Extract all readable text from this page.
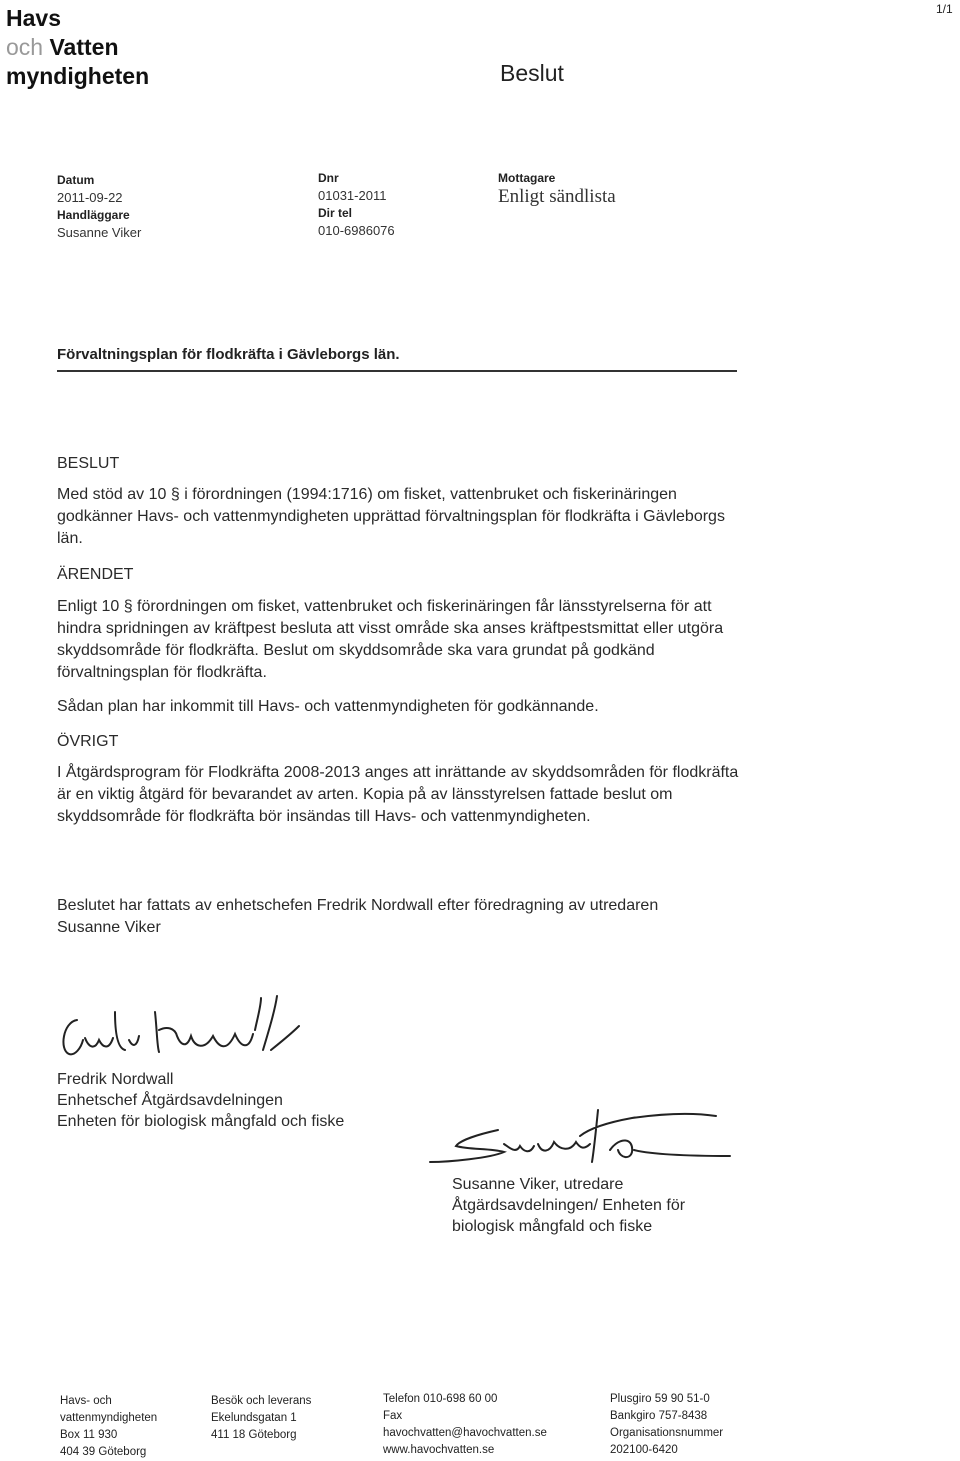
Havs
och Vatten
myndigheten
1/1
Beslut
Datum
2011-09-22
Handläggare
Susanne Viker
Dnr
01031-2011
Dir tel
010-6986076
Mottagare
Enligt sändlista
Förvaltningsplan för flodkräfta i Gävleborgs län.
BESLUT
Med stöd av 10 § i förordningen (1994:1716) om fisket, vattenbruket och fiskerinäringen godkänner Havs- och vattenmyndigheten upprättad förvaltningsplan för flodkräfta i Gävleborgs län.
ÄRENDET
Enligt 10 § förordningen om fisket, vattenbruket och fiskerinäringen får länsstyrelserna för att hindra spridningen av kräftpest besluta att visst område ska anses kräftpestsmittat eller utgöra skyddsområde för flodkräfta. Beslut om skyddsområde ska vara grundat på godkänd förvaltningsplan för flodkräfta.
Sådan plan har inkommit till Havs- och vattenmyndigheten för godkännande.
ÖVRIGT
I Åtgärdsprogram för Flodkräfta 2008-2013 anges att inrättande av skyddsområden för flodkräfta är en viktig åtgärd för bevarandet av arten. Kopia på av länsstyrelsen fattade beslut om skyddsområde för flodkräfta bör insändas till Havs- och vattenmyndigheten.
Beslutet har fattats av enhetschefen Fredrik Nordwall efter föredragning av utredaren Susanne Viker
Fredrik Nordwall
Enhetschef Åtgärdsavdelningen
Enheten för biologisk mångfald och fiske
Susanne Viker, utredare
Åtgärdsavdelningen/ Enheten för
biologisk mångfald och fiske
Havs- och
vattenmyndigheten
Box 11 930
404 39 Göteborg
Besök och leverans
Ekelundsgatan 1
411 18 Göteborg
Telefon 010-698 60 00
Fax
havochvatten@havochvatten.se
www.havochvatten.se
Plusgiro 59 90 51-0
Bankgiro 757-8438
Organisationsnummer
202100-6420
